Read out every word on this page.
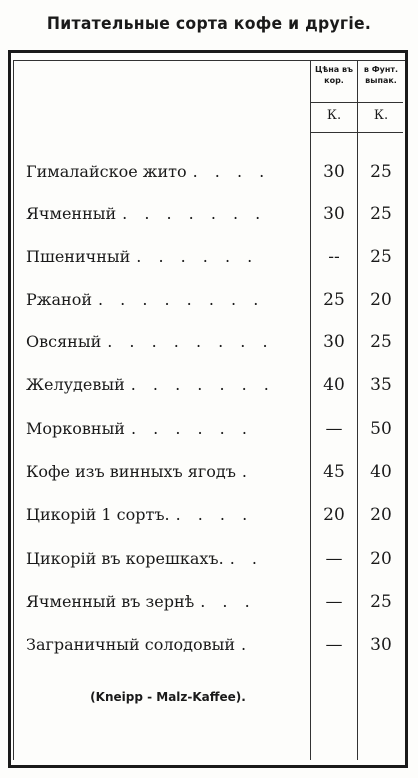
Питательные сорта кофе и другіе.
Цѣна въ кор.
в Фунт. выпак.
К.	К.
Гималайское жито . . . .	30	25
Ячменный . . . . . . .	30	25
Пшеничный . . . . . .	--	25
Ржаной . . . . . . . .	25	20
Овсяный . . . . . . . .	30	25
Желудевый . . . . . . .	40	35
Морковный . . . . . .	—	50
Кофе изъ винныхъ ягодъ .	45	40
Цикорій 1 сортъ. . . . .	20	20
Цикорій въ корешкахъ. . .	—	20
Ячменный въ зернѣ . . .	—	25
Заграничный солодовый .	—	30
(Kneipp - Malz-Kaffee).
